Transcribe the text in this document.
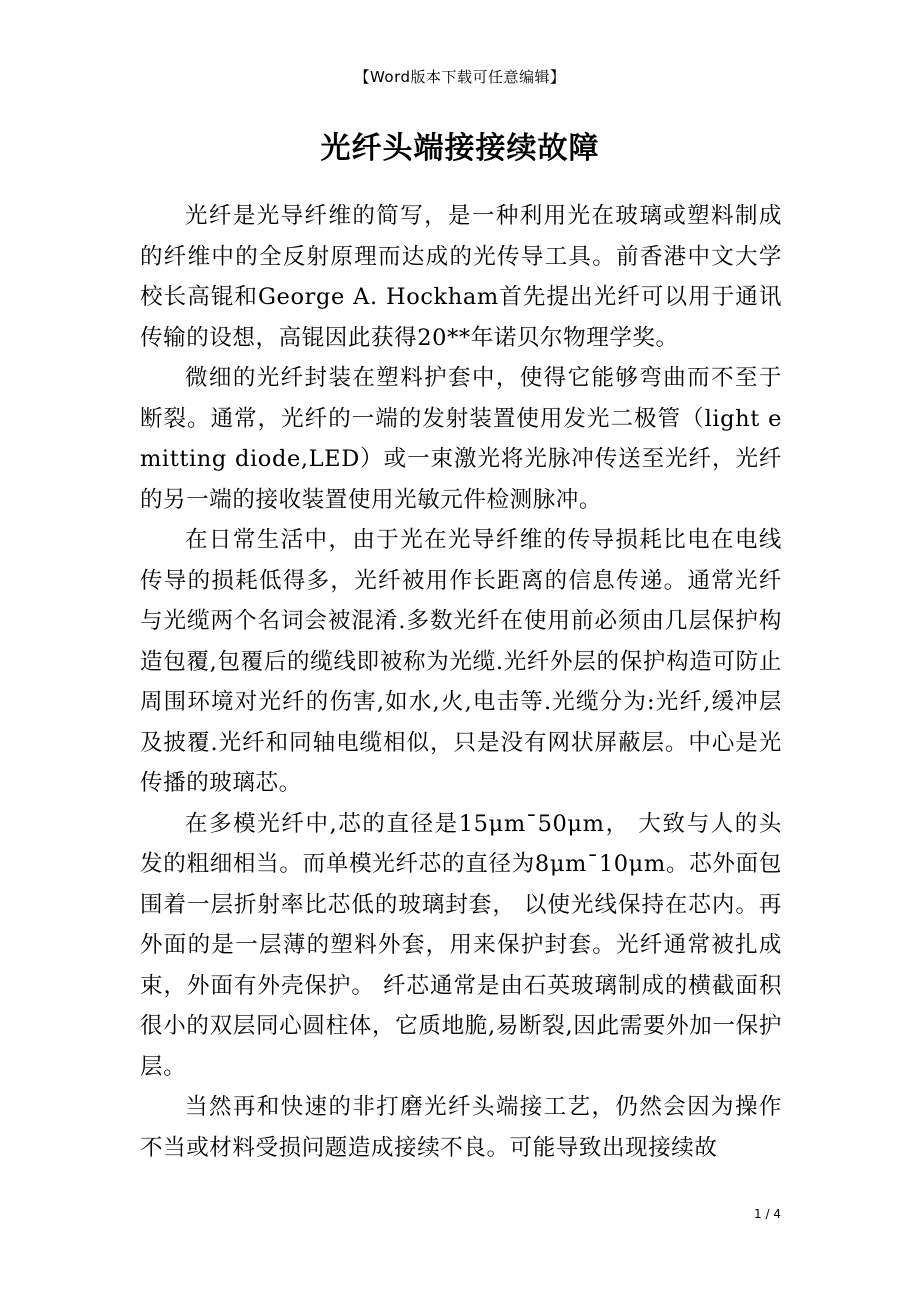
【Word版本下载可任意编辑】
光纤头端接接续故障

光纤是光导纤维的简写，是一种利用光在玻璃或塑料制成的纤维中的全反射原理而达成的光传导工具。前香港中文大学校长高锟和George A. Hockham首先提出光纤可以用于通讯传输的设想，高锟因此获得20**年诺贝尔物理学奖。

微细的光纤封装在塑料护套中，使得它能够弯曲而不至于断裂。通常，光纤的一端的发射装置使用发光二极管（light emitting diode,LED）或一束激光将光脉冲传送至光纤，光纤的另一端的接收装置使用光敏元件检测脉冲。

在日常生活中，由于光在光导纤维的传导损耗比电在电线传导的损耗低得多，光纤被用作长距离的信息传递。通常光纤与光缆两个名词会被混淆.多数光纤在使用前必须由几层保护构造包覆,包覆后的缆线即被称为光缆.光纤外层的保护构造可防止周围环境对光纤的伤害,如水,火,电击等.光缆分为:光纤,缓冲层及披覆.光纤和同轴电缆相似，只是没有网状屏蔽层。中心是光传播的玻璃芯。

在多模光纤中,芯的直径是15μm¯50μm， 大致与人的头发的粗细相当。而单模光纤芯的直径为8μm¯10μm。芯外面包围着一层折射率比芯低的玻璃封套， 以使光线保持在芯内。再外面的是一层薄的塑料外套，用来保护封套。光纤通常被扎成束，外面有外壳保护。 纤芯通常是由石英玻璃制成的横截面积很小的双层同心圆柱体，它质地脆,易断裂,因此需要外加一保护层。

当然再和快速的非打磨光纤头端接工艺，仍然会因为操作不当或材料受损问题造成接续不良。可能导致出现接续故

1 / 4
